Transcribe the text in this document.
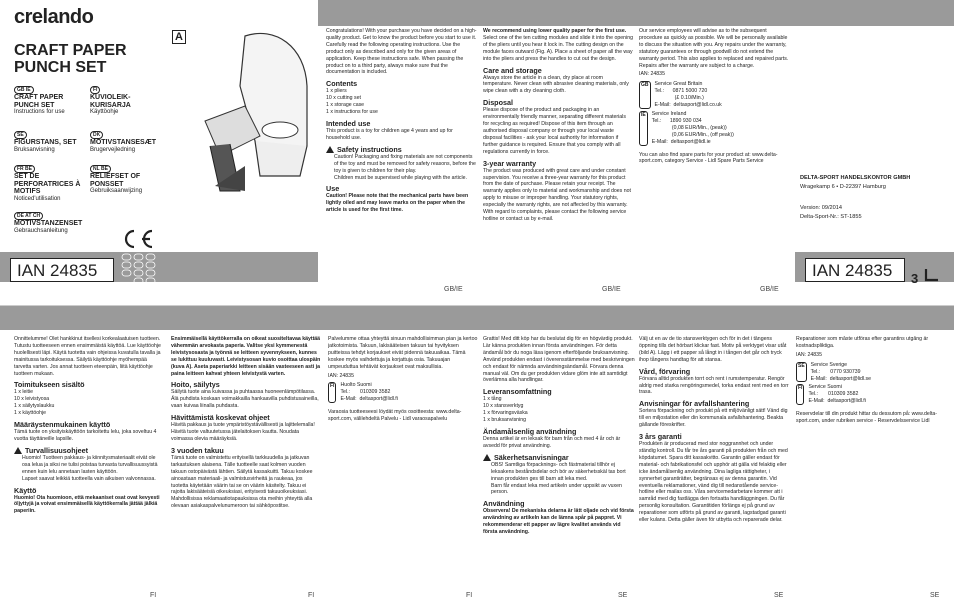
crelando
CRAFT PAPER PUNCH SET
GB IE
CRAFT PAPER PUNCH SET
Instructions for use
FI
KUVIOLEIKKURISARJA
Käyttöohje
SE
FIGURSTANS, SET
Bruksanvisning
DK
MOTIVSTANSESÆT
Brugervejledning
FR BE
SET DE PERFORATRICES À MOTIFS
Noticed'utilisation
NL BE
RELIËFSET OF PONSSET
Gebruiksaanwijzing
DE AT CH
MOTIVSTANZENSET
Gebrauchsanleitung
IAN 24835
A	Congratulations! With your purchase you have decided on a high-quality product. Get to know the product before you start to use it. Carefully read the following operating instructions. Use the product only as described and only for the given areas of application. Keep these instructions safe. When passing the product on to a third party, always make sure that the documentation is included.

Contents

1 x pliers
10 x cutting set
1 x storage case
1 x instructions for use

Intended use

This product is a toy for children age 4 years and up for household use.

Safety instructions
• Caution! Packaging and fixing materials are not components of the toy and must be removed for safety reasons, before the toy is given to children for their play.
• Children must be supervised while playing with the article.
Use

Caution! Please note that the mechanical parts have been lightly oiled and may leave marks on the paper when the article is used for the first time.

We recommend using lower quality paper for the first use.

Select one of the ten cutting modules and slide it into the opening of the pliers until you hear it lock in. The cutting design on the module faces outward (Fig. A). Place a sheet of paper all the way into the pliers and press the handles to cut out the design.

Care and storage

Always store the article in a clean, dry place at room temperature. Never clean with abrasive cleaning materials, only wipe clean with a dry cleaning cloth.

Disposal

Please dispose of the product and packaging in an environmentally friendly manner, separating different materials for recycling as required! Dispose of this item through an authorised disposal company or through your local waste disposal facilities - ask your local authority for information if further guidance is required. Ensure that you comply with all regulations currently in force.

3-year warranty

The product was produced with great care and under constant supervision. You receive a three-year warranty for this product from the date of purchase. Please retain your receipt. The warranty applies only to material and workmanship and does not apply to misuse or improper handling. Your statutory rights, especially the warranty rights, are not affected by this warranty. With regard to complaints, please contact the following service hotline or contact us by e-mail.

Our service employees will advise as to the subsequent procedure as quickly as possible. We will be personally available to discuss the situation with you. Any repairs under the warranty, statutory guarantees or through goodwill do not extend the warranty period. This also applies to replaced and repaired parts. Repairs after the warranty are subject to a charge.

IAN: 24835

GB	Service Great Britain
Tel.:      0871 5000 720
(£ 0.10/Min.)
E-Mail:  deltasport@lidl.co.uk

IE	Service Ireland
Tel.:      1890 930 034
(0,08 EUR/Min., (peak))
(0,06 EUR/Min., (off peak))
E-Mail:  deltasport@lidl.ie

You can also find spare parts for your product at: www.delta-sport.com, category Service - Lidl Spare Parts Service

DELTA-SPORT HANDELSKONTOR GMBH

Wragekamp 6 • D-22397 Hamburg

Version: 09/2014

Delta-Sport-Nr.: ST-1855

IAN 24835	3
GB/IE	GB/IE	GB/IE

Onnittelumme! Olet hankkinut itsellesi korkealaatuisen tuotteen. Tutustu tuotteeseen ennen ensimmäistä käyttöä. Lue käyttöohje huolellisesti läpi. Käytä tuotetta vain ohjeissa kuvatulla tavalla ja mainitussa tarkoituksessa. Säilytä käyttöohje myöhempää tarvetta varten. Jos annat tuotteen eteenpäin, liitä käyttöohje tuotteen mukaan.

Toimitukseen sisältö

1 x leitie
10 x leivistyosa
1 x säilytyslaukku
1 x käyttöohje

Määräystenmukainen käyttö

Tämä tuote on yksityiskäyttöön tarkoitettu lelu, joka soveltuu 4 vuotta täyttäneille lapsille.

Turvallisuusohjeet
• Huomio! Tuotteen pakkaus- ja kiinnitysmateriaalit eivät ole osa lelua ja siksi ne tulisi poistaa turvasta turvallisuussyistä ennen kuin lelu annetaan lasten käyttöön.
• Lapset saavat leikkiä tuotteella vain aikuisen valvonnassa.
Käyttö

Huomio! Ota huomioon, että mekaaniset osat ovat kevyesti öljyttyjä ja voivat ensimmäisellä käyttökerralla jättää jälkiä paperiin.

Ensimmäisellä käyttökerralla on oikeat suositeltavaa käyttää vähemmän arvokasta paperia. Valitse yksi kymmenestä leivistysosasta ja työnnä se leitteen syvennykseen, kunnes se lukittuu kuuluvasti. Leivistysosan kuvio osoittaa ulospäin (kuva A). Aseta paperiarkki leitteen sisään vasteeseen asti ja paina leitteen kahvat yhteen leivistystä varten.

Hoito, säilytys

Säilytä tuote aina kuivassa ja puhtaassa huoneenlämpötilassa. Älä puhdista koskaan voimakkailla hankaavilla puhdistusaineilla, vaan kuivaa liinalla puhdasta.

Hävittämistä koskevat ohjeet

Hävitä pakkaus ja tuote ympäristöystävällisesti ja lajittelemalla! Hävitä tuote valtuutetussa jätelaitoksen kautta. Noudata voimassa olevia määräyksiä.

3 vuoden takuu

Tämä tuote on valmistettu erityisellä tarkkuudella ja jatkuvan tarkastuksen alaisena. Tälle tuotteelle saat kolmen vuoden takuun ostopäivästä lähtien. Säilytä kassakuitti. Takuu koskee ainoastaan materiaali- ja valmistusvirheitä ja raukeaa, jos tuotetta käytetään väärin tai se on väärin käsitelty. Takuu ei rajoita lakisääteisiä oikeuksiasi, erityisesti takuuoikeuksiasi. Mahdollisissa reklamaatiotapauksissa ota meihin yhteyttä alla olevaan asiakaspalvelunumeroon tai sähköpostitse.

Palvelumme ottaa yhteyttä sinuun mahdollisimman pian ja kertoo jatkotoimista. Takuun, lakisääteisen takuun tai hyvityksen puitteissa tehdyt korjaukset eivät pidennä takuuaikaa. Tämä koskee myös vaihdettuja ja korjattuja osia. Takuuajan umpeuduttua tehtävät korjaukset ovat maksullisia.

IAN: 24835

FI	Huolto Suomi
Tel.:       010309 3582
E-Mail:  deltasport@lidl.fi

Varaosia tuotteeseesi löydät myös osoitteesta: www.delta-sport.com, välilehdeltä Palvelu - Lidl varaosapalvelu

Grattis! Med ditt köp har du beslutat dig för en högvärdig produkt. Lär känna produkten innan första användningen. För detta ändamål bör du noga läsa igenom efterföljande bruksanvisning. Använd produkten endast i överensstämmelse med beskrivningen och endast för nämnda användningsändamål. Förvara denna manual väl. Om du ger produkten vidare glöm inte att samtidigt överlämna alla handlingar.

Leveransomfattning

1 x tång
10 x stansverktyg
1 x förvaringsväska
1 x bruksanvisning

Ändamålsenlig användning

Denna artikel är en leksak för barn från och med 4 år och är avsedd för privat användning.

Säkerhetsanvisningar
• OBS! Samtliga förpacknings- och fästmaterial tillhör ej leksakens beståndsdelar och bör av säkerhetsskäl tas bort innan produkten ges till barn att leka med.
• Barn får endast leka med artikeln under uppsikt av vuxen person.
Användning

Observera! De mekaniska delarna är lätt oljade och vid första användning av artikeln kan de lämna spår på pappret. Vi rekommenderar ett papper av lägre kvalitet används vid första användning.

Välj ut en av de tio stansverktygen och för in det i tångens öppning tills det hörbart klickar fast. Motiv på verktyget visar utåt (bild A). Lägg i ett papper så långt in i tången det går och tryck ihop tångens handtag för att stansa.

Vård, förvaring

Förvara alltid produkten torrt och rent i rumstemperatur. Rengör aldrig med starka rengöringsmedel, torka endast rent med en torr trasa.

Anvisningar för avfallshantering

Sortera förpackning och produkt på ett miljövänligt sätt! Vänd dig till en miljostation eller din kommunala avfallshantering. Beakta gällande föreskrifter.

3 års garanti

Produkten är producerad med stor noggrannhet och under ständig kontroll. Du får tre års garanti på produkten från och med köpdatumet. Spara ditt kassakvitto. Garantin gäller endast för material- och fabrikationsfel och upphör att gälla vid felaktig eller icke ändamålsenlig användning. Dina lagliga rättigheter, i synnerhet garantirätter, begränsas ej av denna garantin. Vid eventuella reklamationer, vänd dig till nedanstående service-hotline eller mailas oss. Våra servicemedarbetare kommer att i samråd med dig fastlägga den fortsatta handläggningen. Du får personlig konsultation. Garantitiden förlängs ej på grund av reparationer som utförts på grund av garanti, lagstadgad garanti eller kulans. Detta gäller även för utbytta och reparerade delar.

Reparationer som måste utföras efter garantins utgång är kostnadspliktiga.

IAN: 24835

SE	Service Sverige
Tel.:       0770 930739
E-Mail:  deltasport@lidl.se

FI	Service Suomi
Tel.:       010309 3582
E-Mail:  deltasport@lidl.fi

Reservdelar till din produkt hittar du dessutom på: www.delta-sport.com, under rubriken service - Reservdelsservice Lidl

FI	FI	FI	SE	SE	SE
